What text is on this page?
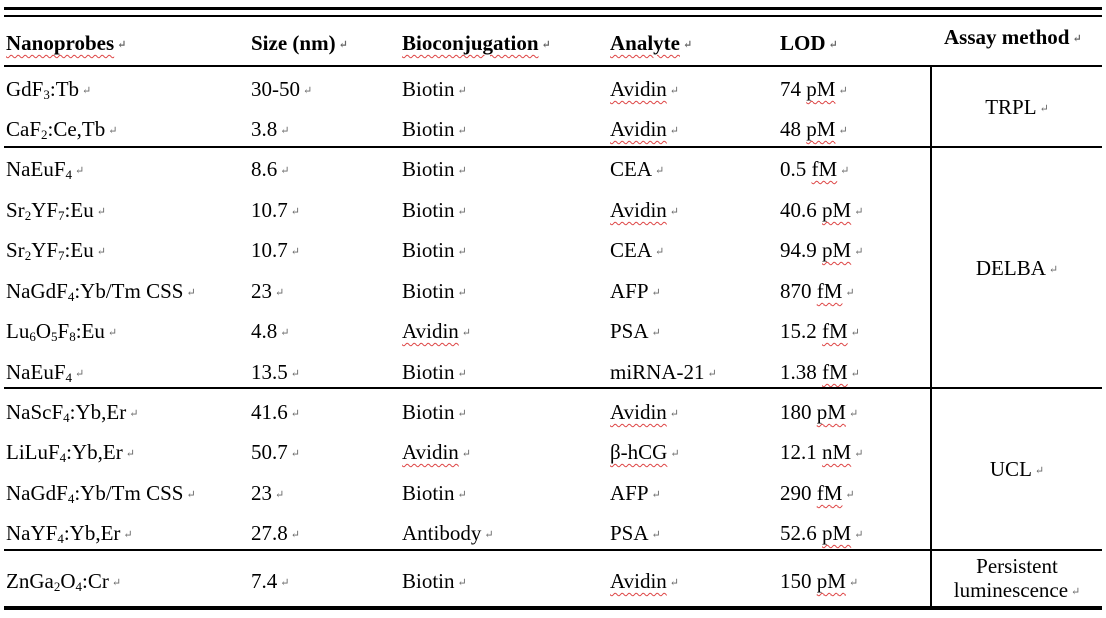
Nanoprobes↵	Size (nm)↵	Bioconjugation↵	Analyte↵	LOD↵	Assay method↵
GdF$_3$:Tb↵	30-50↵	Biotin↵	Avidin↵	74 pM↵
CaF$_2$:Ce,Tb↵	3.8↵	Biotin↵	Avidin↵	48 pM↵
NaEuF$_4$↵	8.6↵	Biotin↵	CEA↵	0.5 fM↵
$Sr_2YF_7:Eu↵$	10.7↵	Biotin↵	Avidin↵	40.6 pM↵
$Sr_2YF_7:Eu↵$	10.7↵	Biotin↵	CEA↵	94.9 pM↵
NaGdF$_4$:Yb/Tm CSS↵	23↵	Biotin↵	AFP↵	870 fM↵
$Lu_6O_5F_8:Eu↵$	4.8↵	Avidin↵	PSA↵	15.2 fM↵
NaEuF$_4$↵	13.5↵	Biotin↵	miRNA-21↵	1.38 fM↵
NaScF$_4$:Yb,Er↵	41.6↵	Biotin↵	Avidin↵	180 pM↵
LiLuF$_4$:Yb,Er↵	50.7↵	Avidin↵	β-hCG↵	12.1 nM↵
NaGdF$_4$:Yb/Tm CSS↵	23↵	Biotin↵	AFP↵	290 fM↵
NaYF$_4$:Yb,Er↵	27.8↵	Antibody↵	PSA↵	52.6 pM↵
$ZnGa_2O_4:Cr↵$	7.4↵	Biotin↵	Avidin↵	150 pM↵
TRPL↵
DELBA↵
UCL↵
Persistent
luminescence↵
